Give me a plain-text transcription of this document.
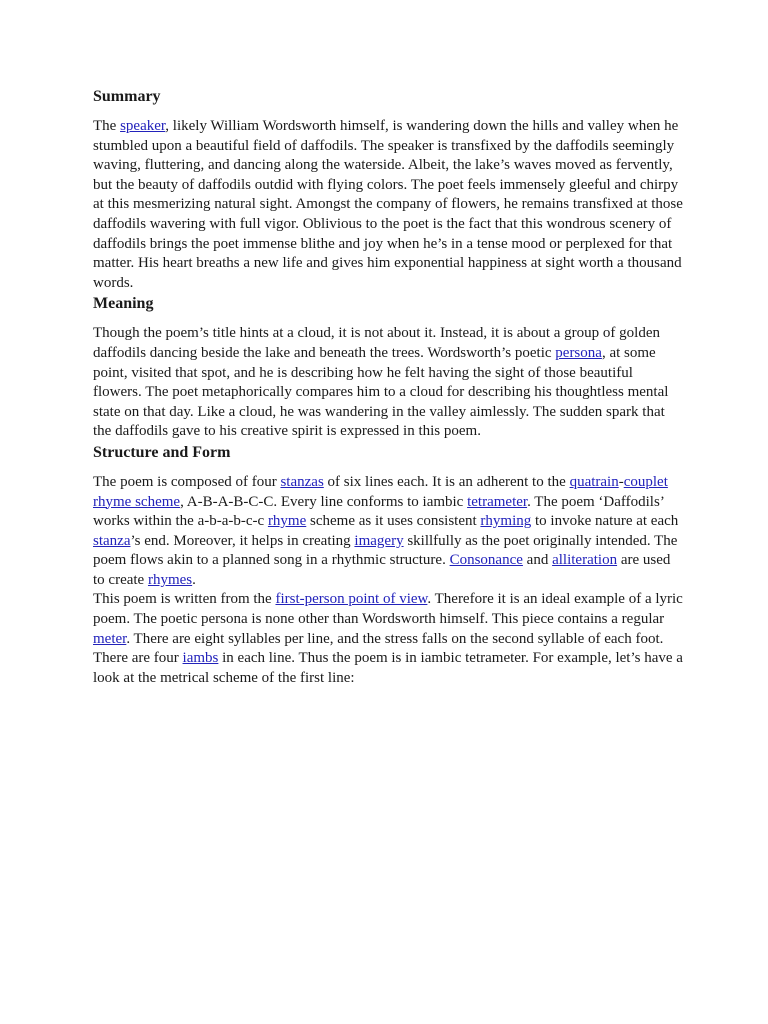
Summary

The speaker, likely William Wordsworth himself, is wandering down the hills and valley when he stumbled upon a beautiful field of daffodils. The speaker is transfixed by the daffodils seemingly waving, fluttering, and dancing along the waterside. Albeit, the lake’s waves moved as fervently, but the beauty of daffodils outdid with flying colors. The poet feels immensely gleeful and chirpy at this mesmerizing natural sight. Amongst the company of flowers, he remains transfixed at those daffodils wavering with full vigor. Oblivious to the poet is the fact that this wondrous scenery of daffodils brings the poet immense blithe and joy when he’s in a tense mood or perplexed for that matter. His heart breaths a new life and gives him exponential happiness at sight worth a thousand words.

Meaning

Though the poem’s title hints at a cloud, it is not about it. Instead, it is about a group of golden daffodils dancing beside the lake and beneath the trees. Wordsworth’s poetic persona, at some point, visited that spot, and he is describing how he felt having the sight of those beautiful flowers. The poet metaphorically compares him to a cloud for describing his thoughtless mental state on that day. Like a cloud, he was wandering in the valley aimlessly. The sudden spark that the daffodils gave to his creative spirit is expressed in this poem.

Structure and Form

The poem is composed of four stanzas of six lines each. It is an adherent to the quatrain-couplet rhyme scheme, A-B-A-B-C-C. Every line conforms to iambic tetrameter. The poem ‘Daffodils’ works within the a-b-a-b-c-c rhyme scheme as it uses consistent rhyming to invoke nature at each stanza’s end. Moreover, it helps in creating imagery skillfully as the poet originally intended. The poem flows akin to a planned song in a rhythmic structure. Consonance and alliteration are used to create rhymes.

This poem is written from the first-person point of view. Therefore it is an ideal example of a lyric poem. The poetic persona is none other than Wordsworth himself. This piece contains a regular meter. There are eight syllables per line, and the stress falls on the second syllable of each foot. There are four iambs in each line. Thus the poem is in iambic tetrameter. For example, let’s have a look at the metrical scheme of the first line:
